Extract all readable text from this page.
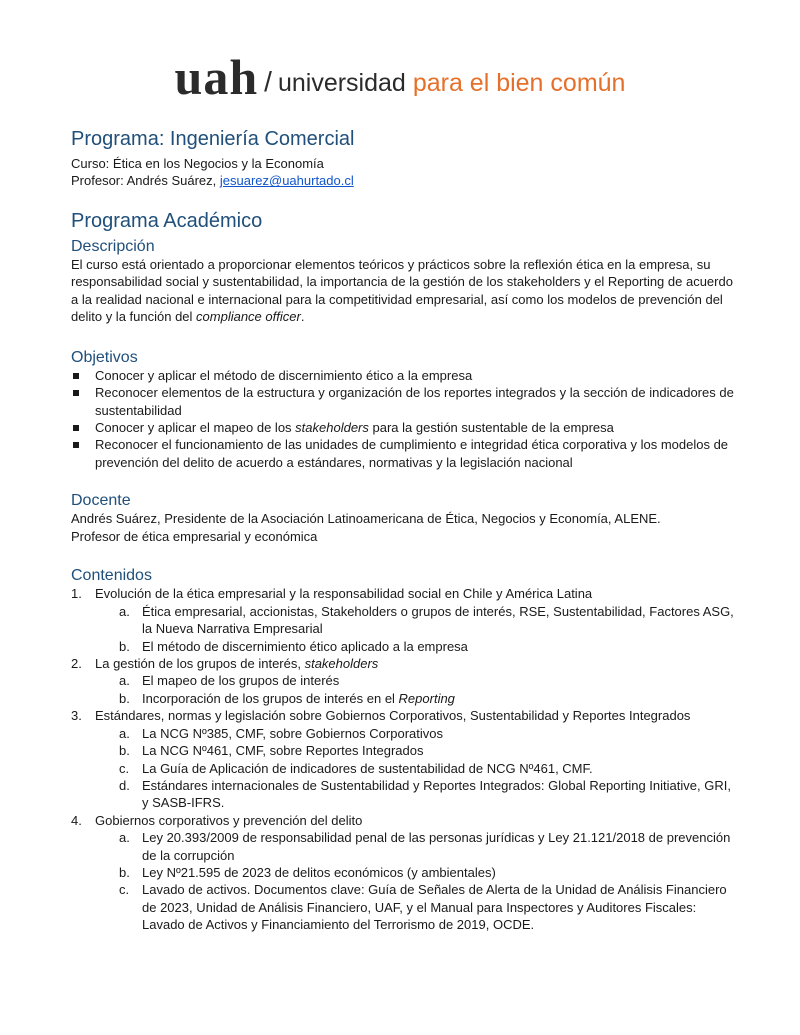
uah / universidad para el bien común
Programa: Ingeniería Comercial
Curso: Ética en los Negocios y la Economía
Profesor: Andrés Suárez, jesuarez@uahurtado.cl
Programa Académico
Descripción
El curso está orientado a proporcionar elementos teóricos y prácticos sobre la reflexión ética en la empresa, su responsabilidad social y sustentabilidad, la importancia de la gestión de los stakeholders y el Reporting de acuerdo a la realidad nacional e internacional para la competitividad empresarial, así como los modelos de prevención del delito y la función del compliance officer.
Objetivos
Conocer y aplicar el método de discernimiento ético a la empresa
Reconocer elementos de la estructura y organización de los reportes integrados y la sección de indicadores de sustentabilidad
Conocer y aplicar el mapeo de los stakeholders para la gestión sustentable de la empresa
Reconocer el funcionamiento de las unidades de cumplimiento e integridad ética corporativa y los modelos de prevención del delito de acuerdo a estándares, normativas y la legislación nacional
Docente
Andrés Suárez, Presidente de la Asociación Latinoamericana de Ética, Negocios y Economía, ALENE.
Profesor de ética empresarial y económica
Contenidos
1. Evolución de la ética empresarial y la responsabilidad social en Chile y América Latina
a. Ética empresarial, accionistas, Stakeholders o grupos de interés, RSE, Sustentabilidad, Factores ASG, la Nueva Narrativa Empresarial
b. El método de discernimiento ético aplicado a la empresa
2. La gestión de los grupos de interés, stakeholders
a. El mapeo de los grupos de interés
b. Incorporación de los grupos de interés en el Reporting
3. Estándares, normas y legislación sobre Gobiernos Corporativos, Sustentabilidad y Reportes Integrados
a. La NCG Nº385, CMF, sobre Gobiernos Corporativos
b. La NCG Nº461, CMF, sobre Reportes Integrados
c. La Guía de Aplicación de indicadores de sustentabilidad de NCG Nº461, CMF.
d. Estándares internacionales de Sustentabilidad y Reportes Integrados: Global Reporting Initiative, GRI, y SASB-IFRS.
4. Gobiernos corporativos y prevención del delito
a. Ley 20.393/2009 de responsabilidad penal de las personas jurídicas y Ley 21.121/2018 de prevención de la corrupción
b. Ley Nº21.595 de 2023 de delitos económicos (y ambientales)
c. Lavado de activos. Documentos clave: Guía de Señales de Alerta de la Unidad de Análisis Financiero de 2023, Unidad de Análisis Financiero, UAF, y el Manual para Inspectores y Auditores Fiscales: Lavado de Activos y Financiamiento del Terrorismo de 2019, OCDE.
